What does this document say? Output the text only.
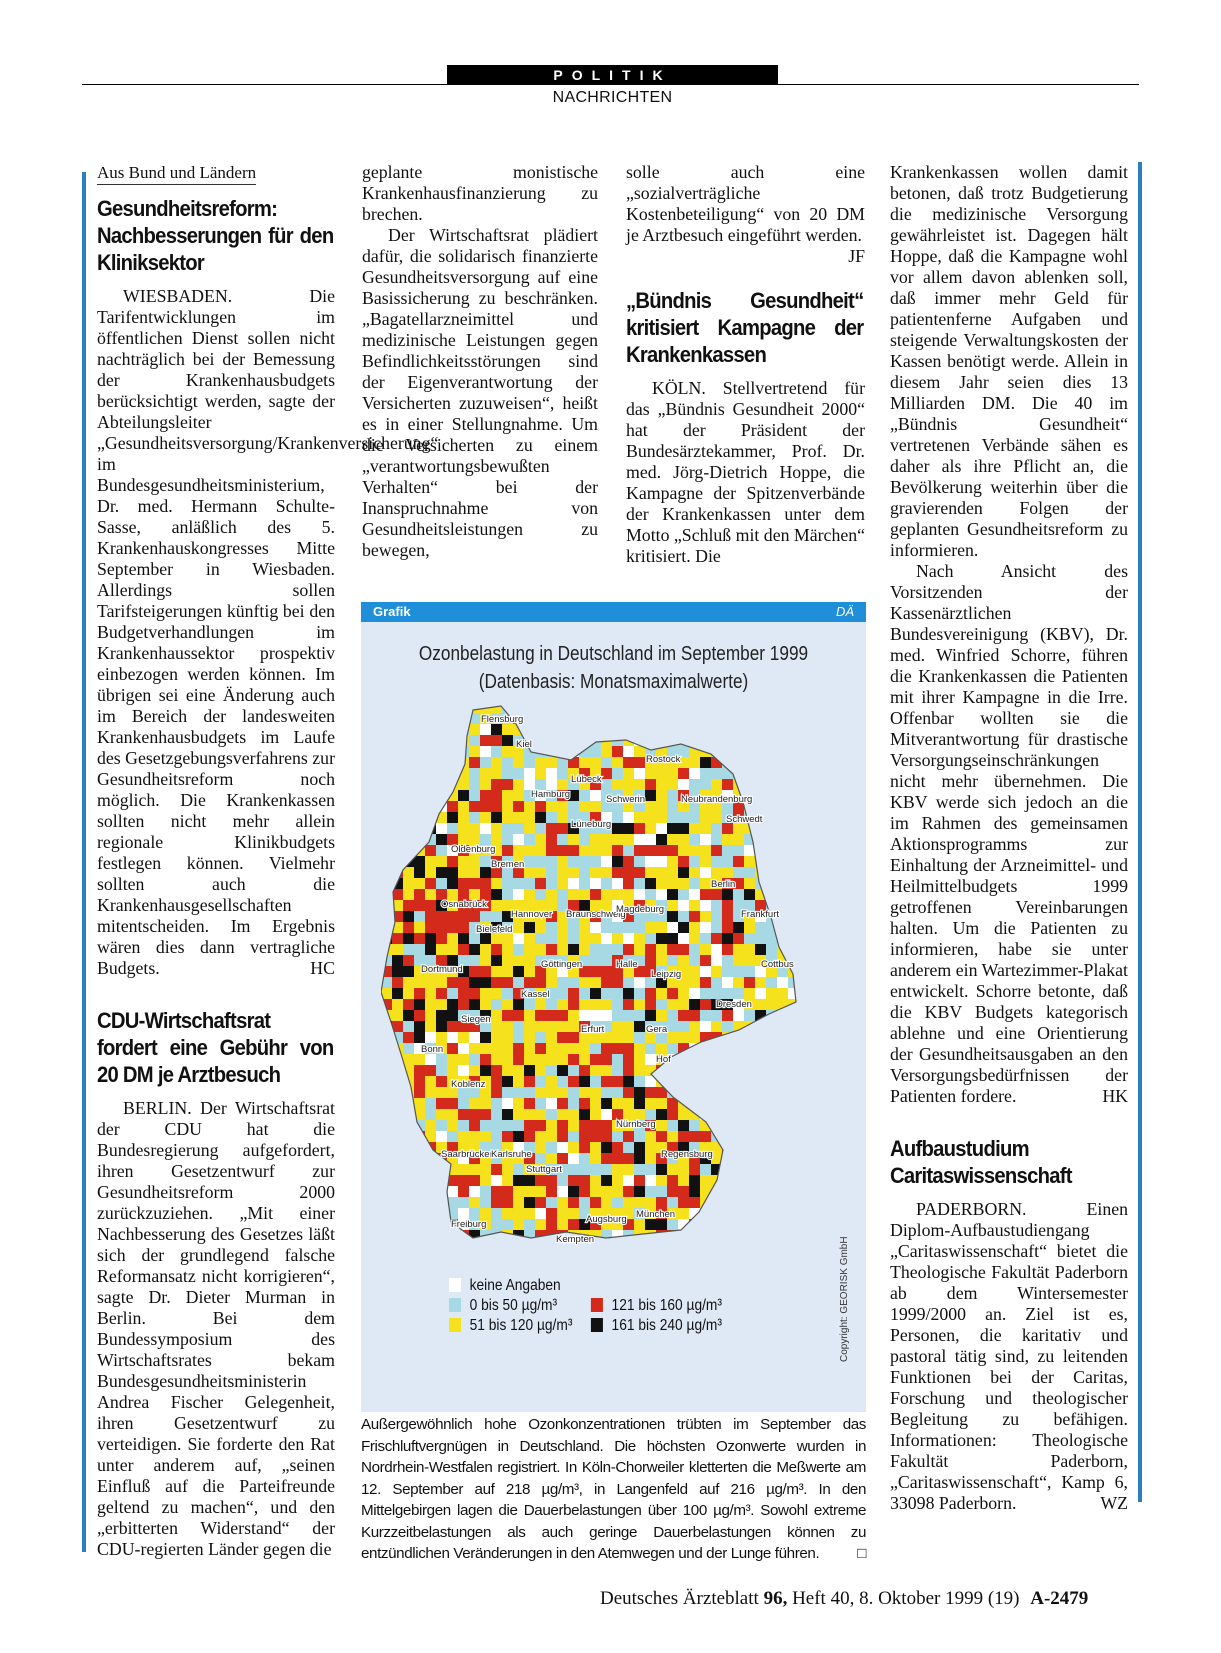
POLITIK
NACHRICHTEN
Aus Bund und Ländern
Gesundheitsreform: Nachbesserungen für den Kliniksektor

WIESBADEN. Die Tarifentwicklungen im öffentlichen Dienst sollen nicht nachträglich bei der Bemessung der Krankenhausbudgets berücksichtigt werden, sagte der Abteilungsleiter „Gesundheitsversorgung/Krankenversicherung“ im Bundesgesundheitsministerium, Dr. med. Hermann Schulte-Sasse, anläßlich des 5. Krankenhauskongresses Mitte September in Wiesbaden. Allerdings sollen Tarifsteigerungen künftig bei den Budgetverhandlungen im Krankenhaussektor prospektiv einbezogen werden können. Im übrigen sei eine Änderung auch im Bereich der landesweiten Krankenhausbudgets im Laufe des Gesetzgebungsverfahrens zur Gesundheitsreform noch möglich. Die Krankenkassen sollten nicht mehr allein regionale Klinikbudgets festlegen können. Vielmehr sollten auch die Krankenhausgesellschaften mitentscheiden. Im Ergebnis wären dies dann vertragliche Budgets.	HC

CDU-Wirtschaftsrat fordert eine Gebühr von 20 DM je Arztbesuch

BERLIN. Der Wirtschaftsrat der CDU hat die Bundesregierung aufgefordert, ihren Gesetzentwurf zur Gesundheitsreform 2000 zurückzuziehen. „Mit einer Nachbesserung des Gesetzes läßt sich der grundlegend falsche Reformansatz nicht korrigieren“, sagte Dr. Dieter Murman in Berlin. Bei dem Bundessymposium des Wirtschaftsrates bekam Bundesgesundheitsministerin Andrea Fischer Gelegenheit, ihren Gesetzentwurf zu verteidigen. Sie forderte den Rat unter anderem auf, „seinen Einfluß auf die Parteifreunde geltend zu machen“, und den „erbitterten Widerstand“ der CDU-regierten Länder gegen die

geplante monistische Krankenhausfinanzierung zu brechen.

Der Wirtschaftsrat plädiert dafür, die solidarisch finanzierte Gesundheitsversorgung auf eine Basissicherung zu beschränken. „Bagatellarzneimittel und medizinische Leistungen gegen Befindlichkeitsstörungen sind der Eigenverantwortung der Versicherten zuzuweisen“, heißt es in einer Stellungnahme. Um die Versicherten zu einem „verantwortungsbewußten Verhalten“ bei der Inanspruchnahme von Gesundheitsleistungen zu bewegen,

solle auch eine „sozialverträgliche Kostenbeteiligung“ von 20 DM je Arztbesuch eingeführt werden.
JF

„Bündnis Gesundheit“ kritisiert Kampagne der Krankenkassen

KÖLN. Stellvertretend für das „Bündnis Gesundheit 2000“ hat der Präsident der Bundesärztekammer, Prof. Dr. med. Jörg-Dietrich Hoppe, die Kampagne der Spitzenverbände der Krankenkassen unter dem Motto „Schluß mit den Märchen“ kritisiert. Die

Krankenkassen wollen damit betonen, daß trotz Budgetierung die medizinische Versorgung gewährleistet ist. Dagegen hält Hoppe, daß die Kampagne wohl vor allem davon ablenken soll, daß immer mehr Geld für patientenferne Aufgaben und steigende Verwaltungskosten der Kassen benötigt werde. Allein in diesem Jahr seien dies 13 Milliarden DM. Die 40 im „Bündnis Gesundheit“ vertretenen Verbände sähen es daher als ihre Pflicht an, die Bevölkerung weiterhin über die gravierenden Folgen der geplanten Gesundheitsreform zu informieren.

Nach Ansicht des Vorsitzenden der Kassenärztlichen Bundesvereinigung (KBV), Dr. med. Winfried Schorre, führen die Krankenkassen die Patienten mit ihrer Kampagne in die Irre. Offenbar wollten sie die Mitverantwortung für drastische Versorgungseinschränkungen nicht mehr übernehmen. Die KBV werde sich jedoch an die im Rahmen des gemeinsamen Aktionsprogramms zur Einhaltung der Arzneimittel- und Heilmittelbudgets 1999 getroffenen Vereinbarungen halten. Um die Patienten zu informieren, habe sie unter anderem ein Wartezimmer-Plakat entwickelt. Schorre betonte, daß die KBV Budgets kategorisch ablehne und eine Orientierung der Gesundheitsausgaben an den Versorgungsbedürfnissen der Patienten fordere.	HK

Aufbaustudium Caritaswissenschaft

PADERBORN. Einen Diplom-Aufbaustudiengang „Caritaswissenschaft“ bietet die Theologische Fakultät Paderborn ab dem Wintersemester 1999/2000 an. Ziel ist es, Personen, die karitativ und pastoral tätig sind, zu leitenden Funktionen bei der Caritas, Forschung und theologischer Begleitung zu befähigen. Informationen: Theologische Fakultät Paderborn, „Caritaswissenschaft“, Kamp 6, 33098 Paderborn.	WZ

Grafik	DÄ
Ozonbelastung in Deutschland im September 1999
(Datenbasis: Monatsmaximalwerte)
Flensburg
Kiel
Rostock
Lübeck
Hamburg	Schwerin	Neubrandenburg
Lüneburg	Schwedt
Oldenburg
Bremen
Berlin
Hannover Braunschweig
Magdeburg	Frankfurt
Osnabrück
Bielefeld
Cottbus
Dortmund	Göttingen	Halle
Leipzig
Kassel
Dresden
Siegen
Bonn
Erfurt	Gera
Koblenz
Hof
Saarbrücken
Nürnberg
Stuttgart
Regensburg
Karlsruhe
Freiburg	Augsburg München
Kempten
keine Angaben
0 bis 50 µg/m³
51 bis 120 µg/m³
121 bis 160 µg/m³
161 bis 240 µg/m³	Copyright: GEORISK GmbH
Außergewöhnlich hohe Ozonkonzentrationen trübten im September das Frischluftvergnügen in Deutschland. Die höchsten Ozonwerte wurden in Nordrhein-Westfalen registriert. In Köln-Chorweiler kletterten die Meßwerte am 12. September auf 218 µg/m³, in Langenfeld auf 216 µg/m³. In den Mittelgebirgen lagen die Dauerbelastungen über 100 µg/m³. Sowohl extreme Kurzzeitbelastungen als auch geringe Dauerbelastungen können zu entzündlichen Veränderungen in den Atemwegen und der Lunge führen. □
Deutsches Ärzteblatt 96, Heft 40, 8. Oktober 1999 (19) A-2479
